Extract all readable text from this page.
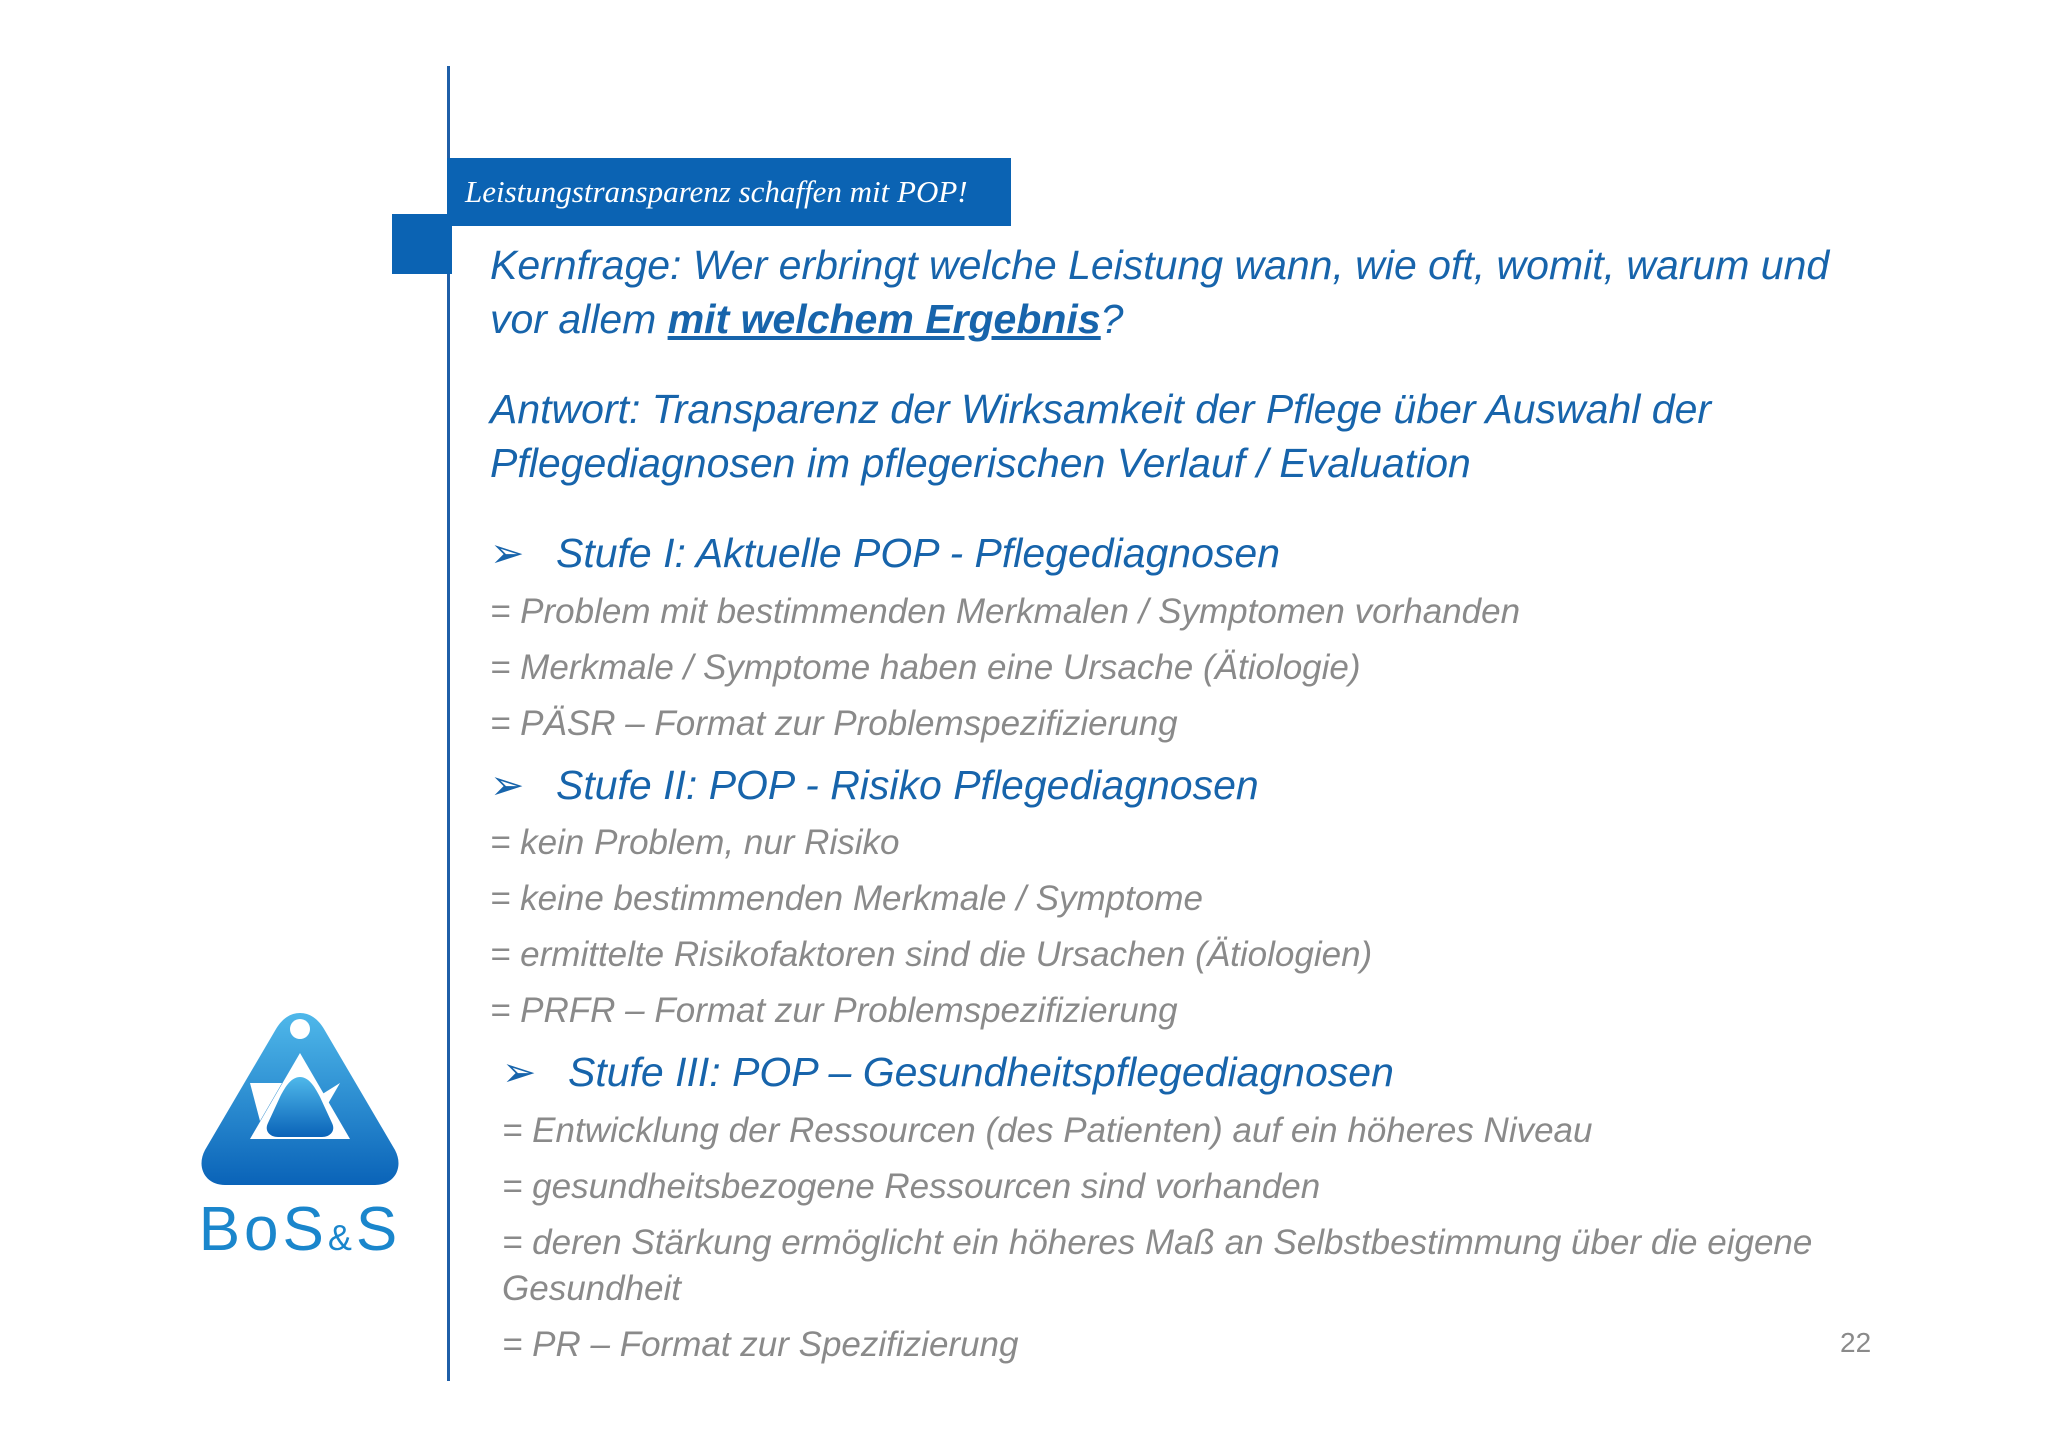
Leistungstransparenz schaffen mit POP!
Kernfrage: Wer erbringt welche Leistung wann, wie oft, womit, warum und
vor allem mit welchem Ergebnis?
Antwort: Transparenz der Wirksamkeit der Pflege über Auswahl der
Pflegediagnosen im pflegerischen Verlauf / Evaluation
➢ Stufe I: Aktuelle POP - Pflegediagnosen
= Problem mit bestimmenden Merkmalen / Symptomen vorhanden
= Merkmale / Symptome haben eine Ursache (Ätiologie)
= PÄSR – Format zur Problemspezifizierung
➢ Stufe II: POP - Risiko Pflegediagnosen
= kein Problem, nur Risiko
= keine bestimmenden Merkmale / Symptome
= ermittelte Risikofaktoren sind die Ursachen (Ätiologien)
= PRFR – Format zur Problemspezifizierung
➢ Stufe III: POP – Gesundheitspflegediagnosen
= Entwicklung der Ressourcen (des Patienten) auf ein höheres Niveau
= gesundheitsbezogene Ressourcen sind vorhanden
= deren Stärkung ermöglicht ein höheres Maß an Selbstbestimmung über die eigene
Gesundheit
= PR – Format zur Spezifizierung
BoS&S
22
